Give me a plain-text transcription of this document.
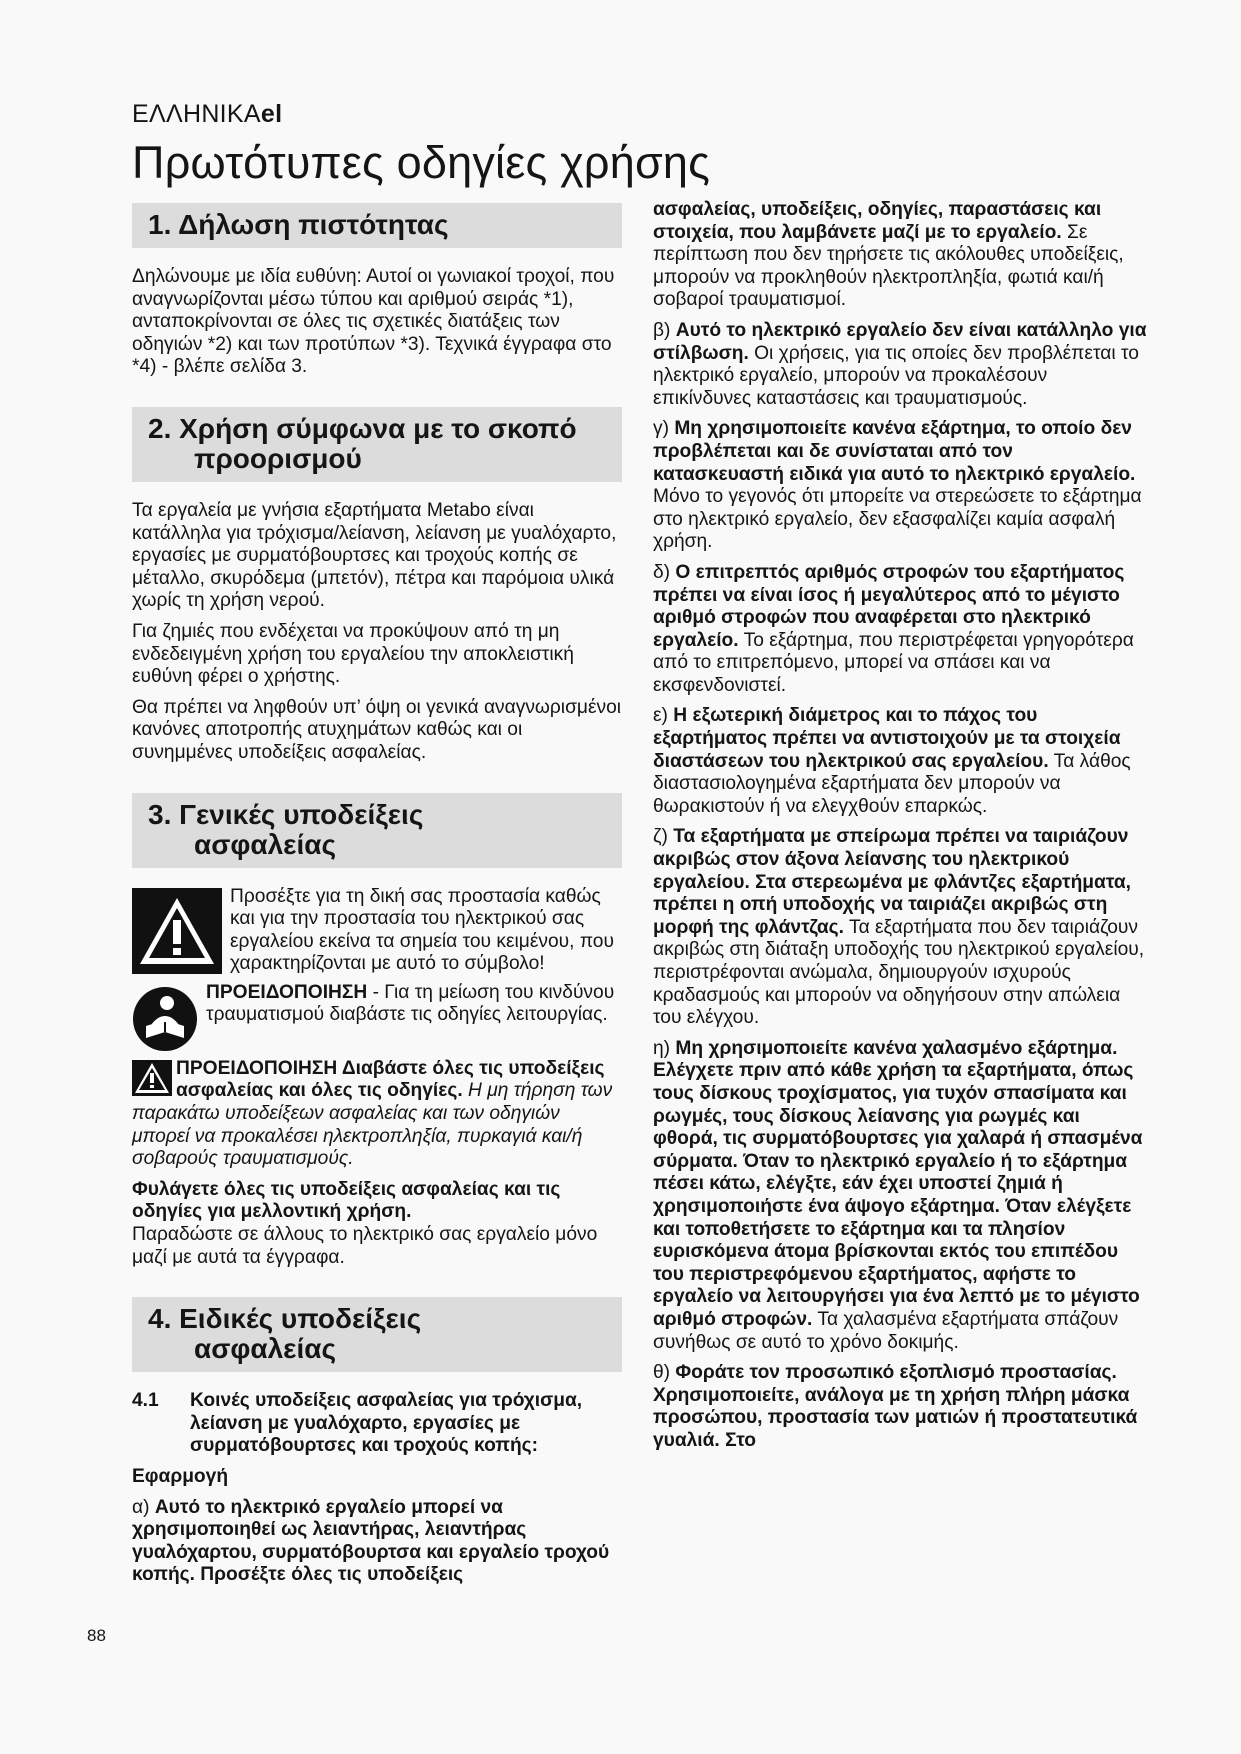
ΕΛΛΗΝΙΚΑel
Πρωτότυπες οδηγίες χρήσης
1. Δήλωση πιστότητας

Δηλώνουμε με ιδία ευθύνη: Αυτοί οι γωνιακοί τροχοί, που αναγνωρίζονται μέσω τύπου και αριθμού σειράς *1), ανταποκρίνονται σε όλες τις σχετικές διατάξεις των οδηγιών *2) και των προτύπων *3). Τεχνικά έγγραφα στο *4) - βλέπε σελίδα 3.

2. Χρήση σύμφωνα με το σκοπό
προορισμού

Τα εργαλεία με γνήσια εξαρτήματα Metabo είναι κατάλληλα για τρόχισμα/λείανση, λείανση με γυαλόχαρτο, εργασίες με συρματόβουρτσες και τροχούς κοπής σε μέταλλο, σκυρόδεμα (μπετόν), πέτρα και παρόμοια υλικά χωρίς τη χρήση νερού.

Για ζημιές που ενδέχεται να προκύψουν από τη μη ενδεδειγμένη χρήση του εργαλείου την αποκλειστική ευθύνη φέρει ο χρήστης.

Θα πρέπει να ληφθούν υπ’ όψη οι γενικά αναγνωρισμένοι κανόνες αποτροπής ατυχημάτων καθώς και οι συνημμένες υποδείξεις ασφαλείας.

3. Γενικές υποδείξεις
ασφαλείας
Προσέξτε για τη δική σας προστασία καθώς και για την προστασία του ηλεκτρικού σας εργαλείου εκείνα τα σημεία του κειμένου, που χαρακτηρίζονται με αυτό το σύμβολο!
ΠΡΟΕΙΔΟΠΟΙΗΣΗ - Για τη μείωση του κινδύνου τραυματισμού διαβάστε τις οδηγίες λειτουργίας.

ΠΡΟΕΙΔΟΠΟΙΗΣΗ Διαβάστε όλες τις υποδείξεις ασφαλείας και όλες τις οδηγίες. Η μη τήρηση των παρακάτω υποδείξεων ασφαλείας και των οδηγιών μπορεί να προκαλέσει ηλεκτροπληξία, πυρκαγιά και/ή σοβαρούς τραυματισμούς.

Φυλάγετε όλες τις υποδείξεις ασφαλείας και τις οδηγίες για μελλοντική χρήση.
Παραδώστε σε άλλους το ηλεκτρικό σας εργαλείο μόνο μαζί με αυτά τα έγγραφα.

4. Ειδικές υποδείξεις
ασφαλείας
4.1	Κοινές υποδείξεις ασφαλείας για τρόχισμα, λείανση με γυαλόχαρτο, εργασίες με συρματόβουρτσες και τροχούς κοπής:

Εφαρμογή

α) Αυτό το ηλεκτρικό εργαλείο μπορεί να χρησιμοποιηθεί ως λειαντήρας, λειαντήρας γυαλόχαρτου, συρματόβουρτσα και εργαλείο τροχού κοπής. Προσέξτε όλες τις υποδείξεις

ασφαλείας, υποδείξεις, οδηγίες, παραστάσεις και στοιχεία, που λαμβάνετε μαζί με το εργαλείο. Σε περίπτωση που δεν τηρήσετε τις ακόλουθες υποδείξεις, μπορούν να προκληθούν ηλεκτροπληξία, φωτιά και/ή σοβαροί τραυματισμοί.

β) Αυτό το ηλεκτρικό εργαλείο δεν είναι κατάλληλο για στίλβωση. Οι χρήσεις, για τις οποίες δεν προβλέπεται το ηλεκτρικό εργαλείο, μπορούν να προκαλέσουν επικίνδυνες καταστάσεις και τραυματισμούς.

γ) Μη χρησιμοποιείτε κανένα εξάρτημα, το οποίο δεν προβλέπεται και δε συνίσταται από τον κατασκευαστή ειδικά για αυτό το ηλεκτρικό εργαλείο. Μόνο το γεγονός ότι μπορείτε να στερεώσετε το εξάρτημα στο ηλεκτρικό εργαλείο, δεν εξασφαλίζει καμία ασφαλή χρήση.

δ) Ο επιτρεπτός αριθμός στροφών του εξαρτήματος πρέπει να είναι ίσος ή μεγαλύτερος από το μέγιστο αριθμό στροφών που αναφέρεται στο ηλεκτρικό εργαλείο. Το εξάρτημα, που περιστρέφεται γρηγορότερα από το επιτρεπόμενο, μπορεί να σπάσει και να εκσφενδονιστεί.

ε) Η εξωτερική διάμετρος και το πάχος του εξαρτήματος πρέπει να αντιστοιχούν με τα στοιχεία διαστάσεων του ηλεκτρικού σας εργαλείου. Τα λάθος διαστασιολογημένα εξαρτήματα δεν μπορούν να θωρακιστούν ή να ελεγχθούν επαρκώς.

ζ) Τα εξαρτήματα με σπείρωμα πρέπει να ταιριάζουν ακριβώς στον άξονα λείανσης του ηλεκτρικού εργαλείου. Στα στερεωμένα με φλάντζες εξαρτήματα, πρέπει η οπή υποδοχής να ταιριάζει ακριβώς στη μορφή της φλάντζας. Τα εξαρτήματα που δεν ταιριάζουν ακριβώς στη διάταξη υποδοχής του ηλεκτρικού εργαλείου, περιστρέφονται ανώμαλα, δημιουργούν ισχυρούς κραδασμούς και μπορούν να οδηγήσουν στην απώλεια του ελέγχου.

η) Μη χρησιμοποιείτε κανένα χαλασμένο εξάρτημα. Ελέγχετε πριν από κάθε χρήση τα εξαρτήματα, όπως τους δίσκους τροχίσματος, για τυχόν σπασίματα και ρωγμές, τους δίσκους λείανσης για ρωγμές και φθορά, τις συρματόβουρτσες για χαλαρά ή σπασμένα σύρματα. Όταν το ηλεκτρικό εργαλείο ή το εξάρτημα πέσει κάτω, ελέγξτε, εάν έχει υποστεί ζημιά ή χρησιμοποιήστε ένα άψογο εξάρτημα. Όταν ελέγξετε και τοποθετήσετε το εξάρτημα και τα πλησίον ευρισκόμενα άτομα βρίσκονται εκτός του επιπέδου του περιστρεφόμενου εξαρτήματος, αφήστε το εργαλείο να λειτουργήσει για ένα λεπτό με το μέγιστο αριθμό στροφών. Τα χαλασμένα εξαρτήματα σπάζουν συνήθως σε αυτό το χρόνο δοκιμής.

θ) Φοράτε τον προσωπικό εξοπλισμό προστασίας. Χρησιμοποιείτε, ανάλογα με τη χρήση πλήρη μάσκα προσώπου, προστασία των ματιών ή προστατευτικά γυαλιά. Στο

88
